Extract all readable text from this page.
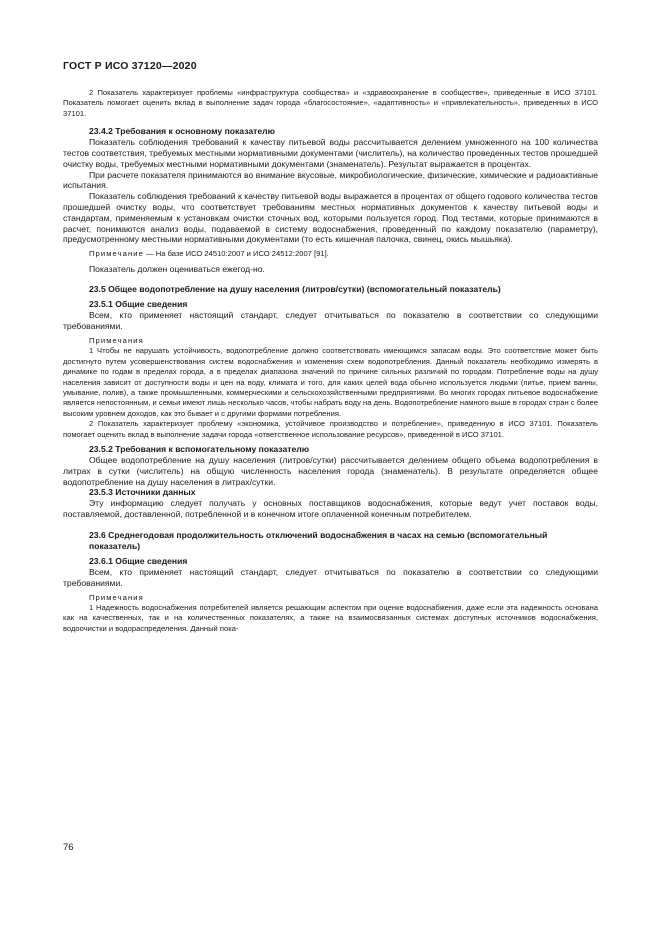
ГОСТ Р ИСО 37120—2020

2 Показатель характеризует проблемы «инфраструктура сообщества» и «здравоохранение в сообществе», приведенные в ИСО 37101. Показатель помогает оценить вклад в выполнение задач города «благосостояние», «адаптивность» и «привлекательность», приведенных в ИСО 37101.

23.4.2 Требования к основному показателю

Показатель соблюдения требований к качеству питьевой воды рассчитывается делением умноженного на 100 количества тестов соответствия, требуемых местными нормативными документами (числитель), на количество проведенных тестов прошедшей очистку воды, требуемых местными нормативными документами (знаменатель). Результат выражается в процентах.

При расчете показателя принимаются во внимание вкусовые, микробиологические, физические, химические и радиоактивные испытания.

Показатель соблюдения требований к качеству питьевой воды выражается в процентах от общего годового количества тестов прошедшей очистку воды, что соответствует требованиям местных нормативных документов к качеству питьевой воды и стандартам, применяемым к установкам очистки сточных вод, которыми пользуется город. Под тестами, которые принимаются в расчет, понимаются анализ воды, подаваемой в систему водоснабжения, проведенный по каждому показателю (параметру), предусмотренному местными нормативными документами (то есть кишечная палочка, свинец, окись мышьяка).

Примечание — На базе ИСО 24510:2007 и ИСО 24512:2007 [91].

Показатель должен оцениваться ежегод-но.

23.5 Общее водопотребление на душу населения (литров/сутки) (вспомогательный показатель)

23.5.1 Общие сведения

Всем, кто применяет настоящий стандарт, следует отчитываться по показателю в соответствии со следующими требованиями.

Примечания

1 Чтобы не нарушать устойчивость, водопотребление должно соответствовать имеющимся запасам воды. Это соответствие может быть достигнуто путем усовершенствования систем водоснабжения и изменения схем водопотребления. Данный показатель необходимо измерять в динамике по годам в пределах города, а в пределах диапазона значений по причине сильных различий по городам. Потребление воды на душу населения зависит от доступности воды и цен на воду, климата и того, для каких целей вода обычно используется людьми (питье, прием ванны, умывание, полив), а также промышленными, коммерческими и сельскохозяйственными предприятиями. Во многих городах питьевое водоснабжение является непостоянным, и семьи имеют лишь несколько часов, чтобы набрать воду на день. Водопотребление намного выше в городах стран с более высоким уровнем доходов, как это бывает и с другими формами потребления.

2 Показатель характеризует проблему «экономика, устойчивое производство и потребление», приведенную в ИСО 37101. Показатель помогает оценить вклад в выполнение задачи города «ответственное использование ресурсов», приведенной в ИСО 37101.

23.5.2 Требования к вспомогательному показателю

Общее водопотребление на душу населения (литров/сутки) рассчитывается делением общего объема водопотребления в литрах в сутки (числитель) на общую численность населения города (знаменатель). В результате определяется общее водопотребление на душу населения в литрах/сутки.

23.5.3 Источники данных

Эту информацию следует получать у основных поставщиков водоснабжения, которые ведут учет поставок воды, поставляемой, доставленной, потребленной и в конечном итоге оплаченной конечным потребителем.

23.6 Среднегодовая продолжительность отключений водоснабжения в часах на семью (вспомогательный показатель)

23.6.1 Общие сведения

Всем, кто применяет настоящий стандарт, следует отчитываться по показателю в соответствии со следующими требованиями.

Примечания

1 Надежность водоснабжения потребителей является решающим аспектом при оценке водоснабжения, даже если эта надежность основана как на качественных, так и на количественных показателях, а также на взаимосвязанных системах доступных источников водоснабжения, водоочистки и водораспределения. Данный пока-

76
